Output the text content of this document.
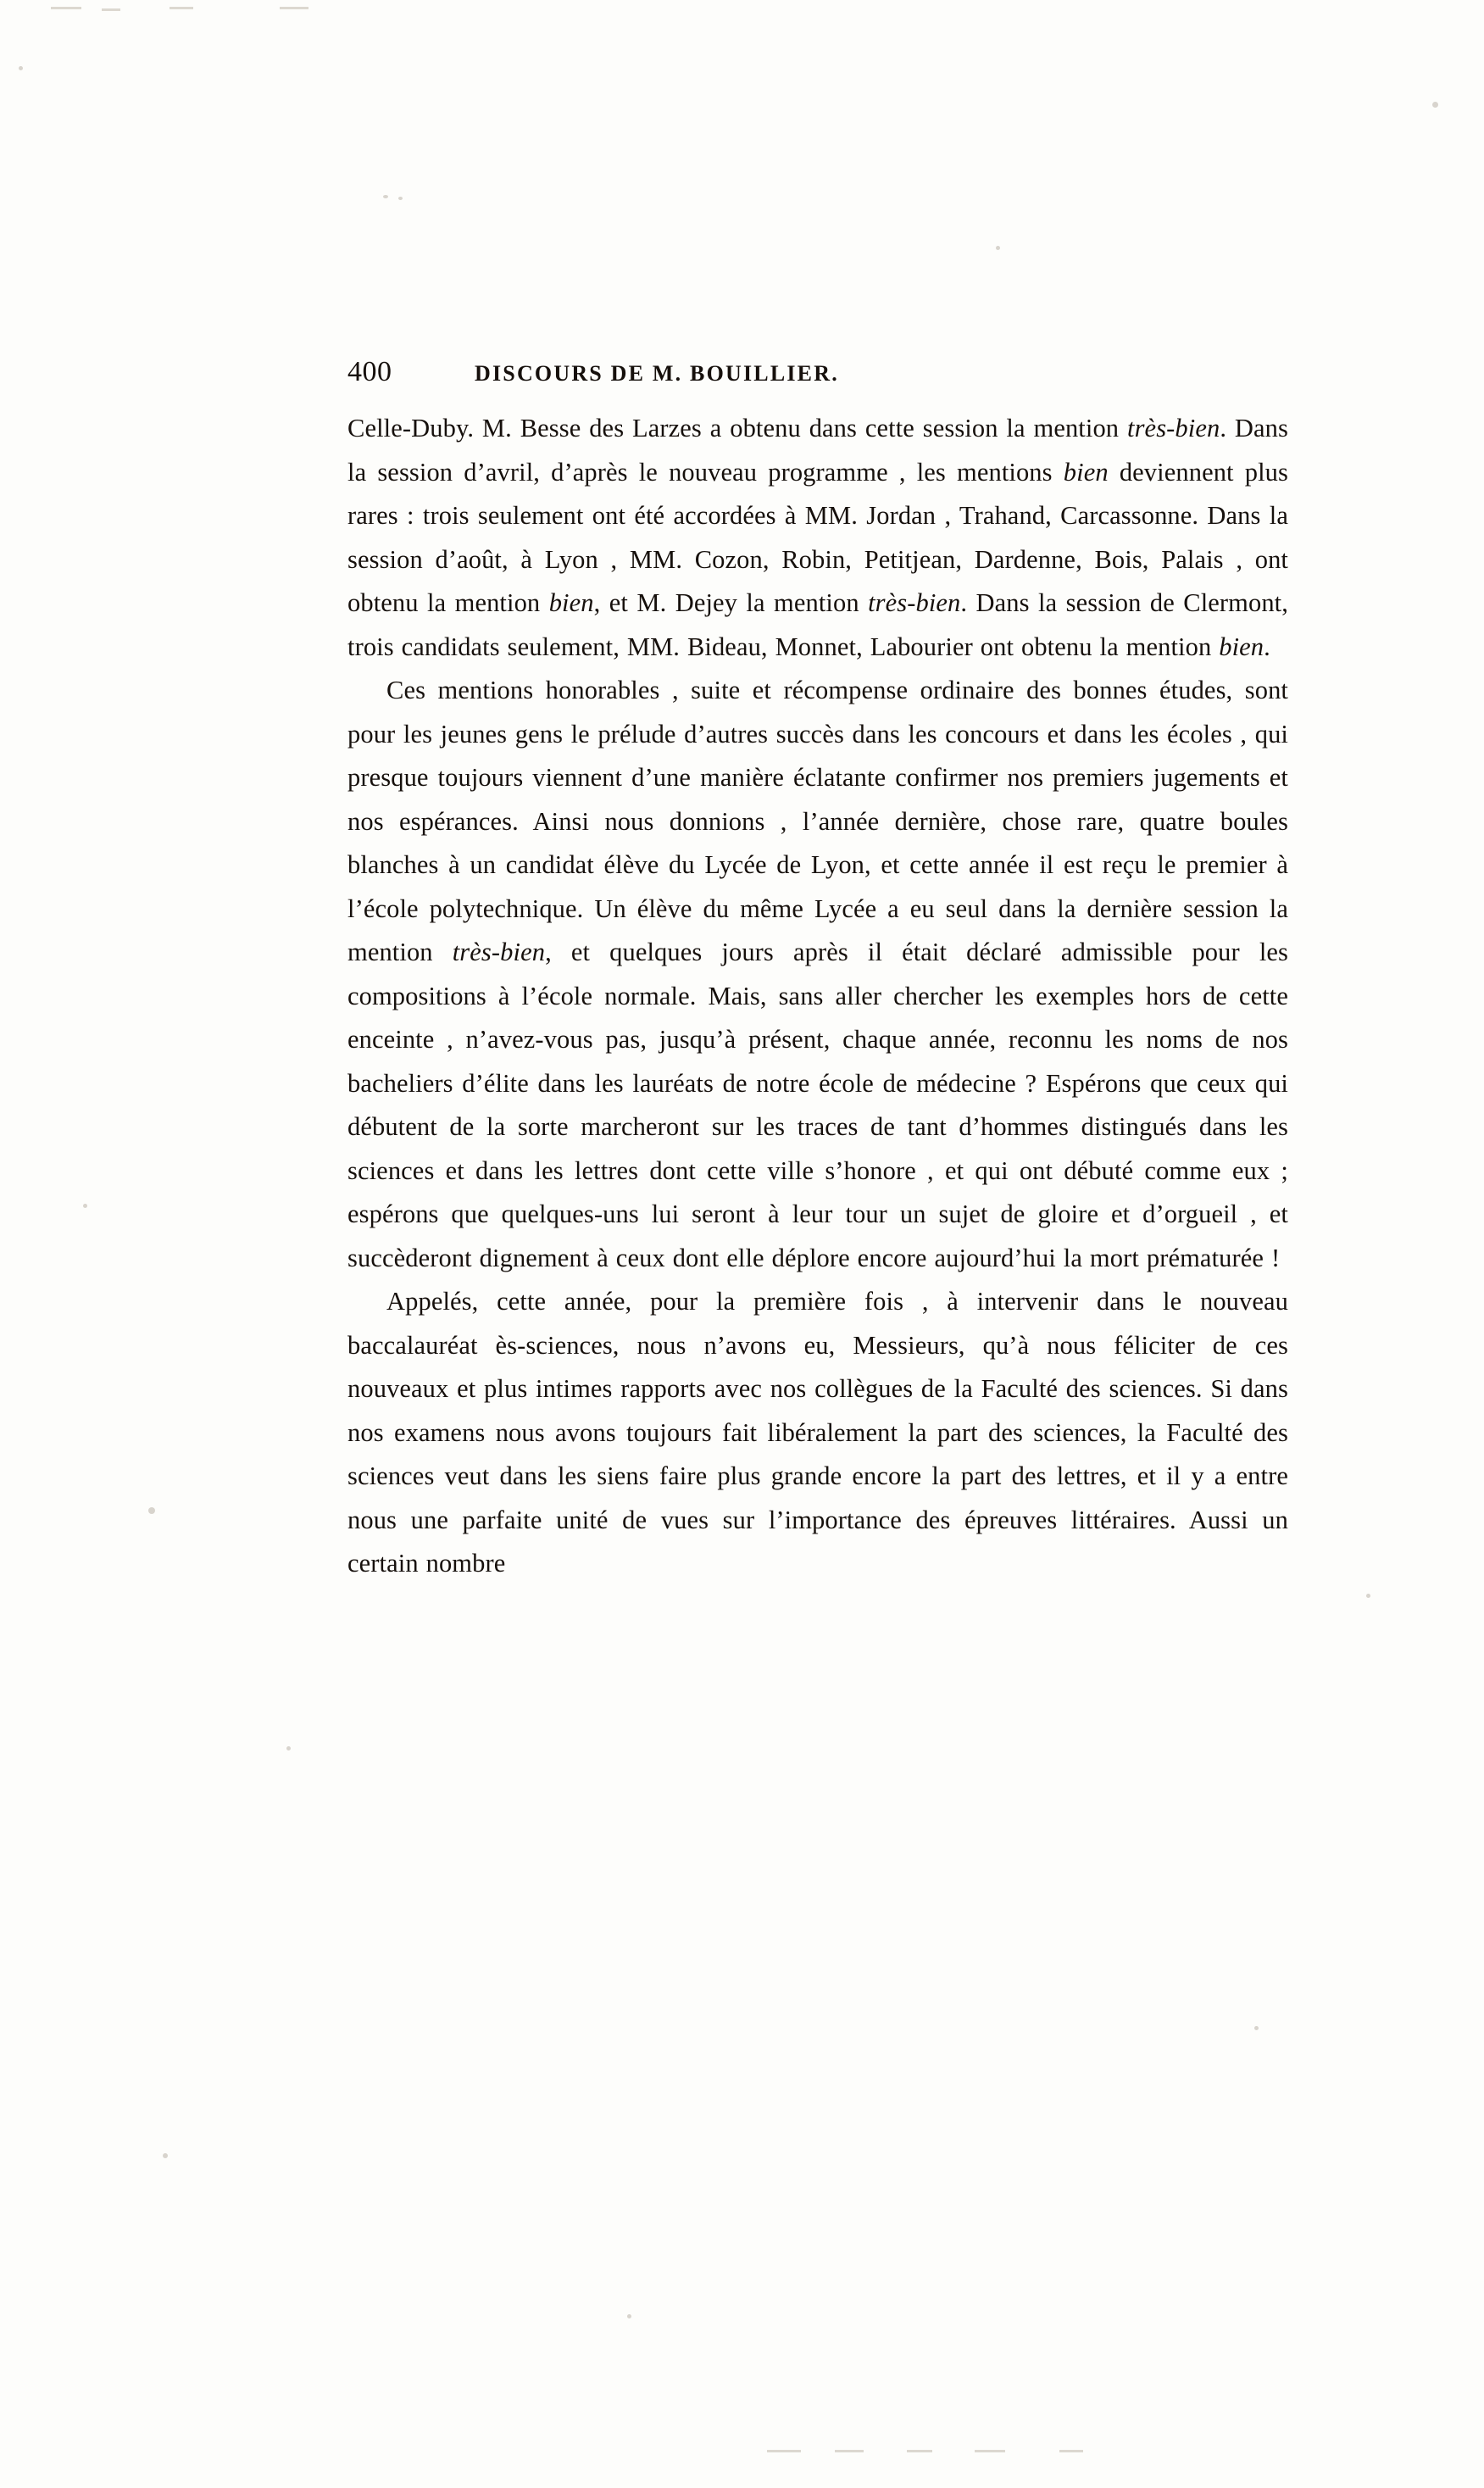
400	DISCOURS DE M. BOUILLIER.

Celle-Duby. M. Besse des Larzes a obtenu dans cette session la mention très-bien. Dans la session d’avril, d’après le nouveau programme , les mentions bien deviennent plus rares : trois seulement ont été accordées à MM. Jordan , Trahand, Carcassonne. Dans la session d’août, à Lyon , MM. Cozon, Robin, Petitjean, Dardenne, Bois, Palais , ont obtenu la mention bien, et M. Dejey la mention très-bien. Dans la session de Clermont, trois candidats seulement, MM. Bideau, Monnet, Labourier ont obtenu la mention bien.

Ces mentions honorables , suite et récompense ordinaire des bonnes études, sont pour les jeunes gens le prélude d’autres succès dans les concours et dans les écoles , qui presque toujours viennent d’une manière éclatante confirmer nos premiers jugements et nos espérances. Ainsi nous donnions , l’année dernière, chose rare, quatre boules blanches à un candidat élève du Lycée de Lyon, et cette année il est reçu le premier à l’école polytechnique. Un élève du même Lycée a eu seul dans la dernière session la mention très-bien, et quelques jours après il était déclaré admissible pour les compositions à l’école normale. Mais, sans aller chercher les exemples hors de cette enceinte , n’avez-vous pas, jusqu’à présent, chaque année, reconnu les noms de nos bacheliers d’élite dans les lauréats de notre école de médecine ? Espérons que ceux qui débutent de la sorte marcheront sur les traces de tant d’hommes distingués dans les sciences et dans les lettres dont cette ville s’honore , et qui ont débuté comme eux ; espérons que quelques-uns lui seront à leur tour un sujet de gloire et d’orgueil , et succèderont dignement à ceux dont elle déplore encore aujourd’hui la mort prématurée !

Appelés, cette année, pour la première fois , à intervenir dans le nouveau baccalauréat ès-sciences, nous n’avons eu, Messieurs, qu’à nous féliciter de ces nouveaux et plus intimes rapports avec nos collègues de la Faculté des sciences. Si dans nos examens nous avons toujours fait libéralement la part des sciences, la Faculté des sciences veut dans les siens faire plus grande encore la part des lettres, et il y a entre nous une parfaite unité de vues sur l’importance des épreuves littéraires. Aussi un certain nombre
